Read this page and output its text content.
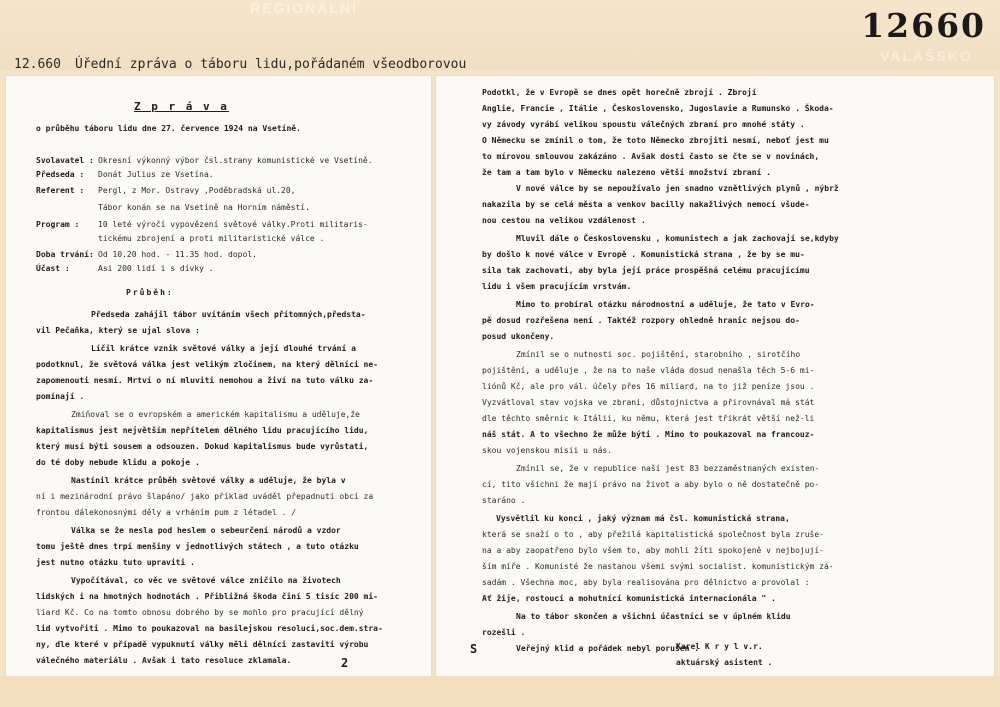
REGIONÁLNÍ
VALAŠSKO

12.660 Úřední zpráva o táboru lidu,pořádaném všeodborovou

12660
Z p r á v a
o průběhu táboru lidu dne 27. července 1924 na Vsetíně.
Svolavatel : Okresní výkonný výbor čsl.strany komunistické ve Vsetíně.
Předseda : Donát Julius ze Vsetína.
Referent : Pergl, z Mor. Ostravy ,Poděbradská ul.20,
Tábor konán se na Vsetíně na Horním náměstí.
Program : 10 leté výročí vypovězení světové války.Proti militaris-
tickému zbrojení a proti militaristické válce .
Doba trvání: Od 10.20 hod. - 11.35 hod. dopol.
Účast :	Asi 200 lidí i s dívky .
Průběh:
Předseda zahájil tábor uvítáním všech přítomných,předsta-
vil Pečaňka, který se ujal slova :
Líčil krátce vznik světové války a její dlouhé trvání a
podotknul, že světová válka jest velikým zločinem, na který dělníci ne-
zapomenouti nesmí. Mrtví o ní mluviti nemohou a živí na tuto válku za-
pomínají .
Zmiňoval se o evropském a americkém kapitalismu a uděluje,že
kapitalismus jest největším nepřítelem dělného lidu pracujícího lidu,
který musí býti sousem a odsouzen. Dokud kapitalismus bude vyrůstati,
do té doby nebude klidu a pokoje .
Nastínil krátce průběh světové války a uděluje, že byla v
ní i mezinárodní právo šlapáno/ jako příklad uváděl přepadnutí obcí za
frontou dálekonosnými děly a vrháním pum z létadel . /
Válka se že nesla pod heslem o sebeurčení národů a vzdor
tomu ještě dnes trpí menšiny v jednotlivých státech , a tuto otázku
jest nutno otázku tuto upraviti .
Vypočítával, co věc ve světové válce zničilo na životech
lidských i na hmotných hodnotách . Přibližná škoda činí 5 tisíc 200 mi-
liard Kč. Co na tomto obnosu dobrého by se mohlo pro pracující dělný
lid vytvořiti . Mimo to poukazoval na basilejskou resoluci,soc.dem.stra-
ny, dle které v případě vypuknutí války měli dělníci zastaviti výrobu
válečného materiálu . Avšak i tato resoluce zklamala.	2
Podotkl, že v Evropě se dnes opět horečně zbrojí . Zbrojí
Anglie, Francie , Itálie , Československo, Jugoslavie a Rumunsko . Škoda-
vy závody vyrábí velikou spoustu válečných zbraní pro mnohé státy .
O Německu se zmínil o tom, že toto Německo zbrojiti nesmí, neboť jest mu
to mírovou smlouvou zakázáno . Avšak dosti často se čte se v novinách,
že tam a tam bylo v Německu nalezeno větší množství zbraní .
V nové válce by se nepoužívalo jen snadno vznětlivých plynů , nýbrž
nakazila by se celá města a venkov bacilly nakažlivých nemocí všude-
nou cestou na velikou vzdálenost .
Mluvil dále o Československu , komunistech a jak zachovají se,kdyby
by došlo k nové válce v Evropě . Komunistická strana , že by se mu-
sila tak zachovati, aby byla její práce prospěšná celému pracujícímu
lidu i všem pracujícím vrstvám.
Mimo to probíral otázku národnostní a uděluje, že tato v Evro-
pě dosud rozřešena není . Taktéž rozpory ohledně hranic nejsou do-
posud ukončeny.
Zmínil se o nutnosti soc. pojištění, starobního , sirotčího
pojištění, a uděluje , že na to naše vláda dosud nenašla těch 5-6 mi-
liónů Kč, ale pro vál. účely přes 16 miliard, na to již peníze jsou .
Vyzvátloval stav vojska ve zbrani, důstojnictva a přirovnával má stát
dle těchto směrnic k Itálii, ku němu, která jest třikrát větší než-li
náš stát. A to všechno že může býti . Mimo to poukazoval na francouz-
skou vojenskou misii u nás.
Zmínil se, že v republice naší jest 83 bezzaměstnaných existen-
cí, tito všichni že mají právo na život a aby bylo o ně dostatečně po-
staráno .
Vysvětlil ku konci , jaký význam má čsl. komunistická strana,
která se snaží o to , aby přežilá kapitalistická společnost byla zruše-
na a aby zaopatřeno bylo všem to, aby mohli žíti spokojeně v nejbojují-
ším míře . Komunisté že nastanou všemi svými socialist. komunistickým zá-
sadám . Všechna moc, aby byla realisována pro dělnictvo a provolal :
Ať žije, rostoucí a mohutnící komunistická internacionála " .
Na to tábor skončen a všichni účastníci se v úplném klidu
rozešli .
Veřejný klid a pořádek nebyl porušen .
S	Karel K r y l v.r.
aktuárský asistent .
